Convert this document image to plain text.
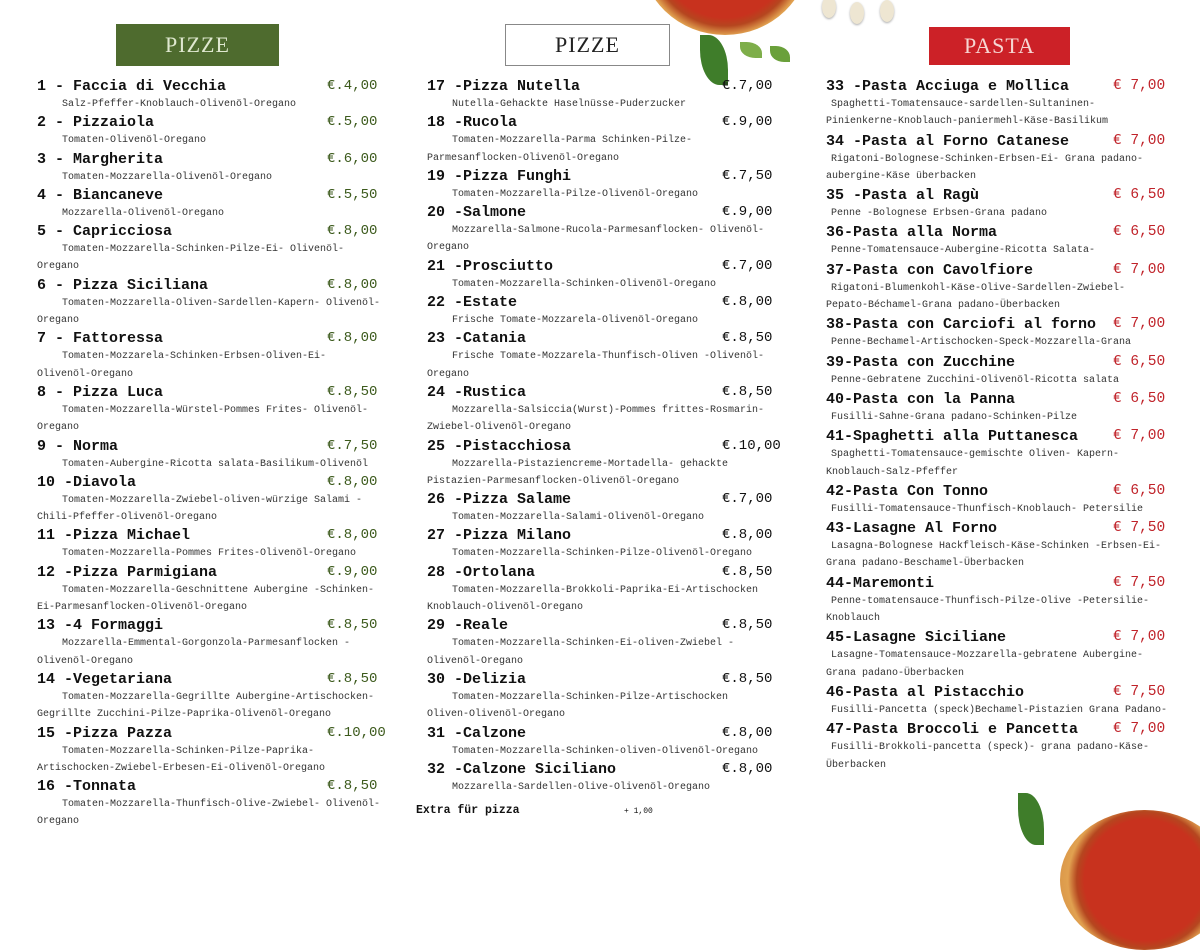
PIZZE	PIZZE	PASTA
1 - Faccia di Vecchia	€.4,00
Salz-Pfeffer-Knoblauch-Olivenöl-Oregano
2 - Pizzaiola	€.5,00
Tomaten-Olivenöl-Oregano
3 - Margherita	€.6,00
Tomaten-Mozzarella-Olivenöl-Oregano
4 - Biancaneve	€.5,50
Mozzarella-Olivenöl-Oregano
5 - Capricciosa	€.8,00
Tomaten-Mozzarella-Schinken-Pilze-Ei- Olivenöl-Oregano
6 - Pizza Siciliana	€.8,00
Tomaten-Mozzarella-Oliven-Sardellen-Kapern- Olivenöl-Oregano
7 - Fattoressa	€.8,00
Tomaten-Mozzarela-Schinken-Erbsen-Oliven-Ei- Olivenöl-Oregano
8 - Pizza Luca	€.8,50
Tomaten-Mozzarella-Würstel-Pommes Frites- Olivenöl-Oregano
9 - Norma	€.7,50
Tomaten-Aubergine-Ricotta salata-Basilikum-Olivenöl
10 -Diavola	€.8,00
Tomaten-Mozzarella-Zwiebel-oliven-würzige Salami -Chili-Pfeffer-Olivenöl-Oregano
11 -Pizza Michael	€.8,00
Tomaten-Mozzarella-Pommes Frites-Olivenöl-Oregano
12 -Pizza Parmigiana	€.9,00
Tomaten-Mozzarella-Geschnittene Aubergine -Schinken-Ei-Parmesanflocken-Olivenöl-Oregano
13 -4 Formaggi	€.8,50
Mozzarella-Emmental-Gorgonzola-Parmesanflocken -Olivenöl-Oregano
14 -Vegetariana	€.8,50
Tomaten-Mozzarella-Gegrillte Aubergine-Artischocken- Gegrillte Zucchini-Pilze-Paprika-Olivenöl-Oregano
15 -Pizza Pazza	€.10,00
Tomaten-Mozzarella-Schinken-Pilze-Paprika- Artischocken-Zwiebel-Erbesen-Ei-Olivenöl-Oregano
16 -Tonnata	€.8,50
Tomaten-Mozzarella-Thunfisch-Olive-Zwiebel- Olivenöl-Oregano
17 -Pizza Nutella	€.7,00
Nutella-Gehackte Haselnüsse-Puderzucker
18 -Rucola	€.9,00
Tomaten-Mozzarella-Parma Schinken-Pilze- Parmesanflocken-Olivenöl-Oregano
19 -Pizza Funghi	€.7,50
Tomaten-Mozzarella-Pilze-Olivenöl-Oregano
20 -Salmone	€.9,00
Mozzarella-Salmone-Rucola-Parmesanflocken- Olivenöl-Oregano
21 -Prosciutto	€.7,00
Tomaten-Mozzarella-Schinken-Olivenöl-Oregano
22 -Estate	€.8,00
Frische Tomate-Mozzarela-Olivenöl-Oregano
23 -Catania	€.8,50
Frische Tomate-Mozzarela-Thunfisch-Oliven -Olivenöl-Oregano
24 -Rustica	€.8,50
Mozzarella-Salsiccia(Wurst)-Pommes frittes-Rosmarin- Zwiebel-Olivenöl-Oregano
25 -Pistacchiosa	€.10,00
Mozzarella-Pistaziencreme-Mortadella- gehackte Pistazien-Parmesanflocken-Olivenöl-Oregano
26 -Pizza Salame	€.7,00
Tomaten-Mozzarella-Salami-Olivenöl-Oregano
27 -Pizza Milano	€.8,00
Tomaten-Mozzarella-Schinken-Pilze-Olivenöl-Oregano
28 -Ortolana	€.8,50
Tomaten-Mozzarella-Brokkoli-Paprika-Ei-Artischocken Knoblauch-Olivenöl-Oregano
29 -Reale	€.8,50
Tomaten-Mozzarella-Schinken-Ei-oliven-Zwiebel -Olivenöl-Oregano
30 -Delizia	€.8,50
Tomaten-Mozzarella-Schinken-Pilze-Artischocken Oliven-Olivenöl-Oregano
31 -Calzone	€.8,00
Tomaten-Mozzarella-Schinken-oliven-Olivenöl-Oregano
32 -Calzone Siciliano	€.8,00
Mozzarella-Sardellen-Olive-Olivenöl-Oregano
Extra für pizza	+ 1,00
33 -Pasta Acciuga e Mollica	€ 7,00
Spaghetti-Tomatensauce-sardellen-Sultaninen- Pinienkerne-Knoblauch-paniermehl-Käse-Basilikum
34 -Pasta al Forno Catanese	€ 7,00
Rigatoni-Bolognese-Schinken-Erbsen-Ei- Grana padano-aubergine-Käse überbacken
35 -Pasta al Ragù	€ 6,50
Penne -Bolognese Erbsen-Grana padano
36-Pasta alla Norma	€ 6,50
Penne-Tomatensauce-Aubergine-Ricotta Salata-
37-Pasta con Cavolfiore	€ 7,00
Rigatoni-Blumenkohl-Käse-Olive-Sardellen-Zwiebel- Pepato-Béchamel-Grana padano-Überbacken
38-Pasta con Carciofi al forno	€ 7,00
Penne-Bechamel-Artischocken-Speck-Mozzarella-Grana
39-Pasta con Zucchine	€ 6,50
Penne-Gebratene Zucchini-Olivenöl-Ricotta salata
40-Pasta con la Panna	€ 6,50
Fusilli-Sahne-Grana padano-Schinken-Pilze
41-Spaghetti alla Puttanesca	€ 7,00
Spaghetti-Tomatensauce-gemischte Oliven- Kapern-Knoblauch-Salz-Pfeffer
42-Pasta Con Tonno	€ 6,50
Fusilli-Tomatensauce-Thunfisch-Knoblauch- Petersilie
43-Lasagne Al Forno	€ 7,50
Lasagna-Bolognese Hackfleisch-Käse-Schinken -Erbsen-Ei-Grana padano-Beschamel-Überbacken
44-Maremonti	€ 7,50
Penne-tomatensauce-Thunfisch-Pilze-Olive -Petersilie-Knoblauch
45-Lasagne Siciliane	€ 7,00
Lasagne-Tomatensauce-Mozzarella-gebratene Aubergine-Grana padano-Überbacken
46-Pasta al Pistacchio	€ 7,50
Fusilli-Pancetta (speck)Bechamel-Pistazien Grana Padano-
47-Pasta Broccoli e Pancetta	€ 7,00
Fusilli-Brokkoli-pancetta (speck)- grana padano-Käse-Überbacken
